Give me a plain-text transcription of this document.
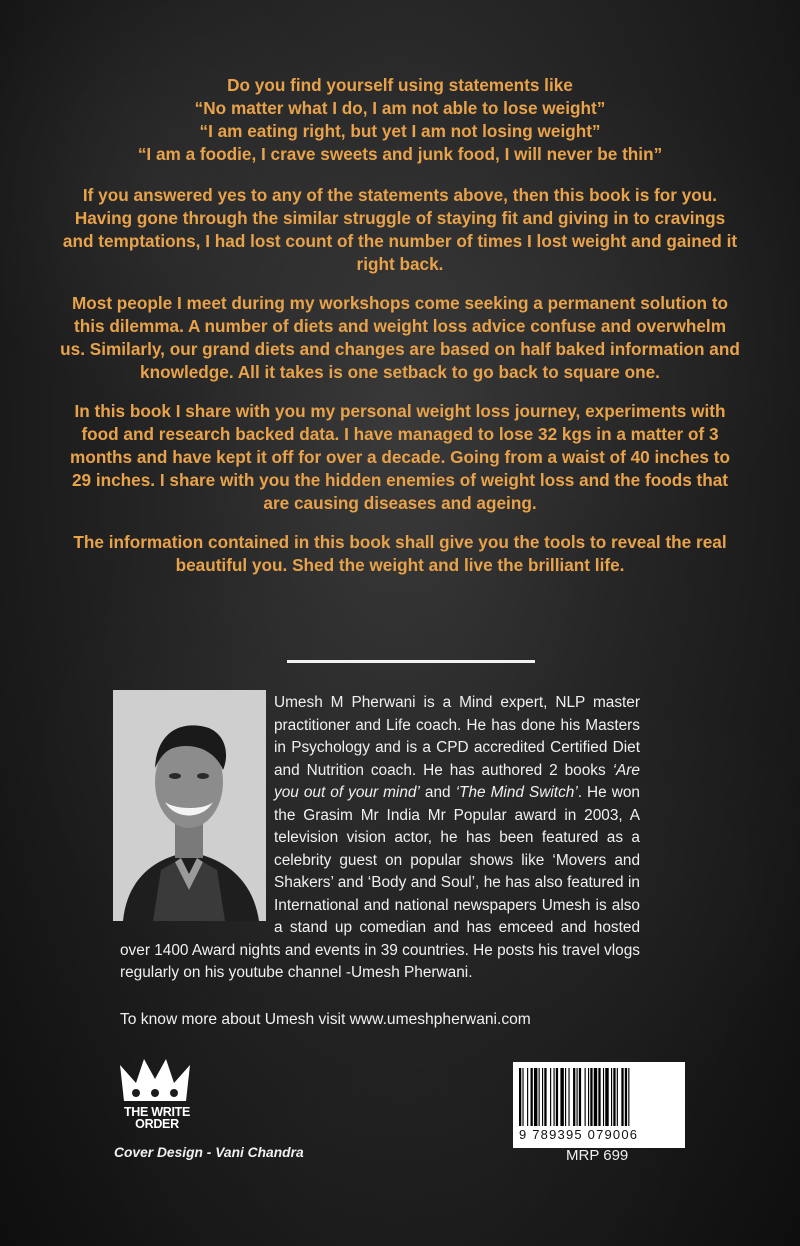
Do you find yourself using statements like
“No matter what I do, I am not able to lose weight”
“I am eating right, but yet I am not losing weight”
“I am a foodie, I crave sweets and junk food, I will never be thin”

If you answered yes to any of the statements above, then this book is for you. Having gone through the similar struggle of staying fit and giving in to cravings and temptations, I had lost count of the number of times I lost weight and gained it right back.

Most people I meet during my workshops come seeking a permanent solution to this dilemma. A number of diets and weight loss advice confuse and overwhelm us. Similarly, our grand diets and changes are based on half baked information and knowledge. All it takes is one setback to go back to square one.

In this book I share with you my personal weight loss journey, experiments with food and research backed data. I have managed to lose 32 kgs in a matter of 3 months and have kept it off for over a decade. Going from a waist of 40 inches to 29 inches. I share with you the hidden enemies of weight loss and the foods that are causing diseases and ageing.

The information contained in this book shall give you the tools to reveal the real beautiful you. Shed the weight and live the brilliant life.

Umesh M Pherwani is a Mind expert, NLP master practitioner and Life coach. He has done his Masters in Psychology and is a CPD accredited Certified Diet and Nutrition coach. He has authored 2 books ‘Are you out of your mind’ and ‘The Mind Switch’. He won the Grasim Mr India Mr Popular award in 2003, A television vision actor, he has been featured as a celebrity guest on popular shows like ‘Movers and Shakers’ and ‘Body and Soul’, he has also featured in International and national newspapers Umesh is also a stand up comedian and has emceed and hosted over 1400 Award nights and events in 39 countries. He posts his travel vlogs regularly on his youtube channel -Umesh Pherwani.
To know more about Umesh visit www.umeshpherwani.com
THE WRITE
ORDER
Cover Design - Vani Chandra
9 789395 079006
MRP 699
